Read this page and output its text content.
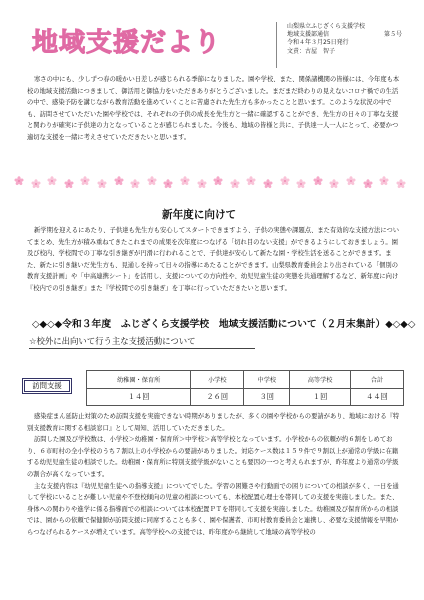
地域支援だより
山梨県立ふじざくら支援学校
地域支援部通信	第５号
令和４年３月25日発行
文責：古屋　智子

寒さの中にも、少しずつ春の暖かい日差しが感じられる季節になりました。園や学校、また、関係諸機関の皆様には、今年度も本校の地域支援活動につきまして、御活用と御協力をいただきありがとうございました。まだまだ終わりの見えないコロナ禍での生活の中で、感染予防を講じながら教育活動を進めていくことに苦慮された先生方も多かったことと思います。このような状況の中でも、訪問させていただいた園や学校では、それぞれの子供の成長を先生方と一緒に確認することができ、先生方の日々の丁寧な支援と関わりが確実に子供達の力となっていることが感じられました。今後も、地域の皆様と共に、子供達一人一人にとって、必要かつ適切な支援を一緒に考えさせていただきたいと思います。

新年度に向けて

新学期を迎えるにあたり、子供達も先生方も安心してスタートできますよう、子供の実態や課題点、また有効的な支援方法についてまとめ、先生方が積み重ねてきたこれまでの成果を次年度につなげる「切れ目のない支援」ができるようにしておきましょう。園及び校内、学校間での丁寧な引き継ぎが円滑に行われることで、子供達が安心して新たな園・学校生活を送ることができます。また、新たに引き継いだ先生方も、見通しを持って日々の指導にあたることができます。山梨県教育委員会より出されている「個別の教育支援計画」や「中高連携シート」を活用し、支援についての方向性や、幼児児童生徒の実態を共通理解するなど、新年度に向け『校内での引き継ぎ』また『学校間での引き継ぎ』を丁寧に行っていただきたいと思います。

◇◆◇◆令和３年度　ふじざくら支援学校　地域支援活動について（２月末集計）◆◇◆◇
☆校外に出向いて行う主な支援活動について
訪問支援
幼稚園・保育所	小学校	中学校	高等学校	合計
１４回	２６回	３回	１回	４４回

感染症まん延防止対策のため訪問支援を実施できない時期がありましたが、多くの園や学校からの要請があり、地域における『特別支援教育に関する相談窓口』として周知、活用していただきました。

訪問した園及び学校数は、小学校＞幼稚園・保育所＞中学校＞高等学校となっています。小学校からの依頼が約６割をしめており、６市町村の全小学校のうち７割以上の小学校からの要請がありました。対応ケース数は１５９件で９割以上が通常の学級に在籍する幼児児童生徒の相談でした。幼稚園・保育所に特別支援学級がないことも要因の一つと考えられますが、昨年度より通常の学級の割合が高くなっています。

主な支援内容は『幼児児童生徒への指導支援』についてでした。学習の困難さや行動面での困りについての相談が多く、一日を通して学校にいることが難しい児童や不登校傾向の児童の相談についても、本校配置心理士を帯同しての支援を実施しました。また、身体への関わりや進学に係る指導面での相談については本校配置ＰＴを帯同して支援を実施しました。幼稚園及び保育所からの相談では、園からの依頼で保健師が訪問支援に同席することも多く、園や保護者、市町村教育委員会と連携し、必要な支援情報を早期からつなげられるケースが増えています。高等学校への支援では、昨年度から継続して地域の高等学校の
